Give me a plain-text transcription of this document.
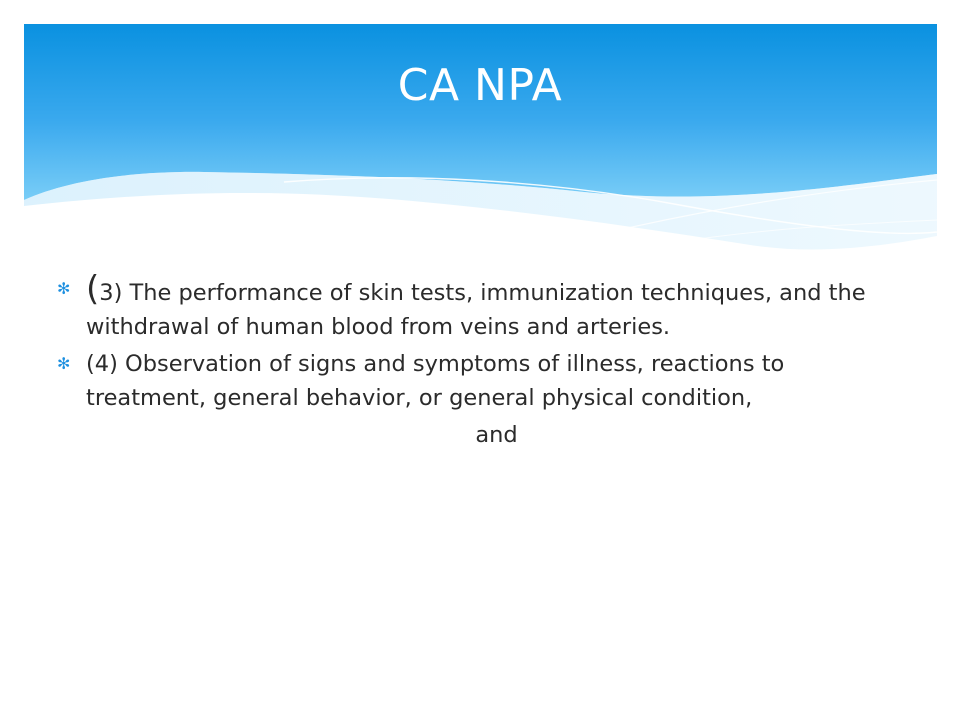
CA NPA
✻ (3) The performance of skin tests, immunization techniques, and the withdrawal of human blood from veins and arteries.
✻ (4) Observation of signs and symptoms of illness, reactions to treatment, general behavior, or general physical condition,
and
